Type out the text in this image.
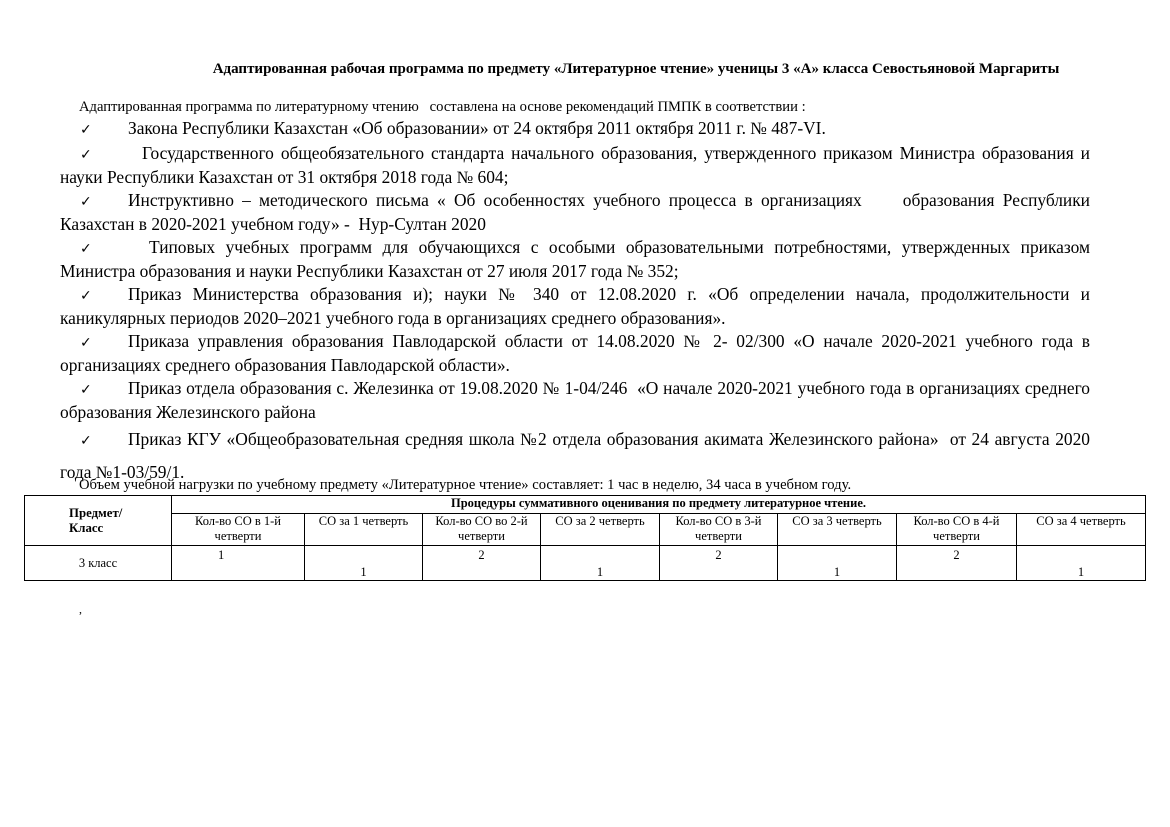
Адаптированная рабочая программа по предмету «Литературное чтение» ученицы 3 «А» класса Севостьяновой Маргариты
Адаптированная программа по литературному чтению   составлена на основе рекомендаций ПМПК в соответствии :

✓ Закона Республики Казахстан «Об образовании» от 24 октября 2011 октября 2011 г. № 487-VI.

✓  Государственного общеобязательного стандарта начального образования, утвержденного приказом Министра образования и науки Республики Казахстан от 31 октября 2018 года № 604;

✓ Инструктивно – методического письма « Об особенностях учебного процесса в организациях     образования Республики Казахстан в 2020-2021 учебном году» -  Нур-Султан 2020

✓  Типовых учебных программ для обучающихся с особыми образовательными потребностями, утвержденных приказом Министра образования и науки Республики Казахстан от 27 июля 2017 года № 352;

✓ Приказ Министерства образования и); науки № 340 от 12.08.2020 г. «Об определении начала, продолжительности и каникулярных периодов 2020–2021 учебного года в организациях среднего образования».

✓ Приказа управления образования Павлодарской области от 14.08.2020 № 2- 02/300 «О начале 2020-2021 учебного года в организациях среднего образования Павлодарской области».

✓ Приказ отдела образования с. Железинка от 19.08.2020 № 1-04/246  «О начале 2020-2021 учебного года в организациях среднего образования Железинского района

✓ Приказ КГУ «Общеобразовательная средняя школа №2 отдела образования акимата Железинского района»  от 24 августа 2020 года №1-03/59/1.

Объем учебной нагрузки по учебному предмету «Литературное чтение» составляет: 1 час в неделю, 34 часа в учебном году.
Предмет/
Класс	Процедуры суммативного оценивания по предмету литературное чтение.							
	Кол-во СО в 1-й четверти	СО за 1 четверть	Кол-во СО во 2-й четверти	СО за 2 четверть	Кол-во СО в 3-й четверти	СО за 3 четверть	Кол-во СО в 4-й четверти	СО за 4 четверть
3 класс	1	1	2	1	2	1	2	1
,
